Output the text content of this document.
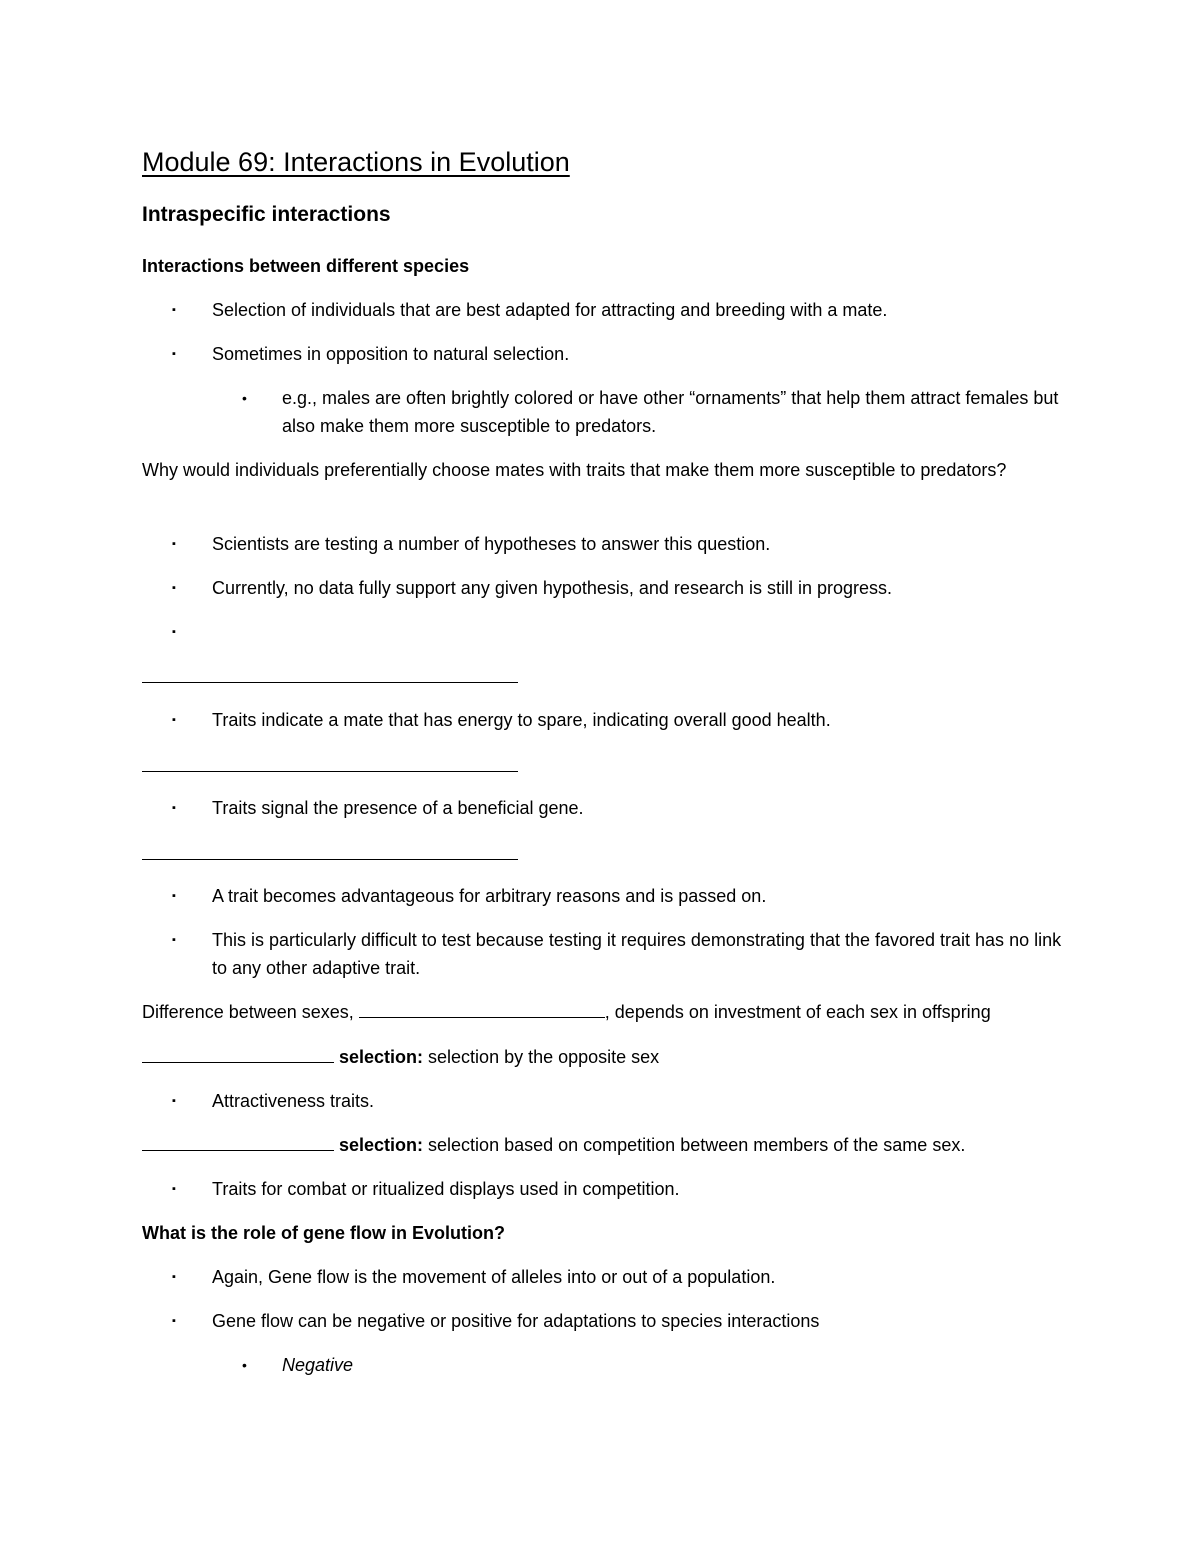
Module 69: Interactions in Evolution
Intraspecific interactions
Interactions between different species
▪	Selection of individuals that are best adapted for attracting and breeding with a mate.
▪	Sometimes in opposition to natural selection.
•	e.g., males are often brightly colored or have other “ornaments” that help them attract females but also make them more susceptible to predators.
Why would individuals preferentially choose mates with traits that make them more susceptible to predators?
▪	Scientists are testing a number of hypotheses to answer this question.
▪	Currently, no data fully support any given hypothesis, and research is still in progress.
▪
▪	Traits indicate a mate that has energy to spare, indicating overall good health.
▪	Traits signal the presence of a beneficial gene.
▪	A trait becomes advantageous for arbitrary reasons and is passed on.
▪	This is particularly difficult to test because testing it requires demonstrating that the favored trait has no link to any other adaptive trait.
Difference between sexes,	, depends on investment of each sex in offspring
selection: selection by the opposite sex
▪	Attractiveness traits.
selection: selection based on competition between members of the same sex.
▪	Traits for combat or ritualized displays used in competition.
What is the role of gene flow in Evolution?
▪	Again, Gene flow is the movement of alleles into or out of a population.
▪	Gene flow can be negative or positive for adaptations to species interactions
•	Negative
